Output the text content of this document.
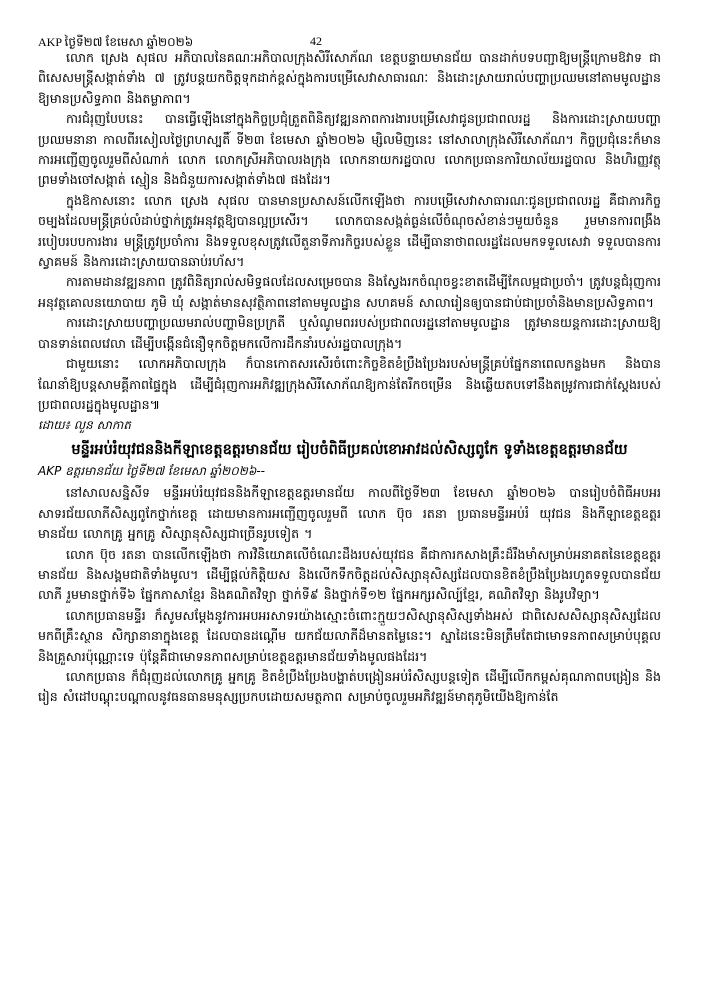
AKP ថ្ងៃទី២៧ ខែមេសា ឆ្នាំ២០២៦	42

លោក ស្រេង សុផល អភិបាលនៃគណៈអភិបាលក្រុងសិរីសោភ័ណ ខេត្តបន្ទាយមានជ័យ បានដាក់បទបញ្ជាឱ្យមន្ត្រីក្រោមឱវាទ ជាពិសេសមន្ត្រីសង្កាត់ទាំង ៧ ត្រូវបន្តយកចិត្តទុកដាក់ខ្ពស់ក្នុងការបម្រើសេវាសាធារណៈ និងដោះស្រាយរាល់បញ្ហាប្រឈមនៅតាមមូលដ្ឋានឱ្យមានប្រសិទ្ធភាព និងតម្លាភាព។

ការជំរុញបែបនេះ បានធ្វើឡើងនៅក្នុងកិច្ចប្រជុំត្រួតពិនិត្យវឌ្ឍនភាពការងារបម្រើសេវាជូនប្រជាពលរដ្ឋ និងការដោះស្រាយបញ្ហាប្រឈមនានា កាលពីរសៀលថ្ងៃព្រហស្បតិ៍ ទី២៣ ខែមេសា ឆ្នាំ២០២៦ ម្សិលមិញនេះ នៅសាលាក្រុងសិរីសោភ័ណ។ កិច្ចប្រជុំនេះក៏មានការអញ្ជើញចូលរួមពីសំណាក់ លោក លោកស្រីអភិបាលរងក្រុង លោកនាយករដ្ឋបាល លោកប្រធានការិយាល័យរដ្ឋបាល និងហិរញ្ញវត្ថុ ព្រមទាំងចៅសង្កាត់ ស្មៀន និងជំនួយការសង្កាត់ទាំង៧ ផងដែរ។

ក្នុងឱកាសនោះ លោក ស្រេង សុផល បានមានប្រសាសន៍លើកឡើងថា ការបម្រើសេវាសាធារណៈជូនប្រជាពលរដ្ឋ គឺជាភារកិច្ចចម្បងដែលមន្ត្រីគ្រប់លំដាប់ថ្នាក់ត្រូវអនុវត្តឱ្យបានល្អប្រសើរ។ លោកបានសង្កត់ធ្ងន់លើចំណុចសំខាន់ៗមួយចំនួន រួមមានការពង្រឹងរបៀបរបបការងារ មន្ត្រីត្រូវប្រចាំការ និងទទួលខុសត្រូវលើតួនាទីភារកិច្ចរបស់ខ្លួន ដើម្បីធានាថាពលរដ្ឋដែលមកទទួលសេវា ទទួលបានការស្វាគមន៍ និងការដោះស្រាយបានឆាប់រហ័ស។

ការតាមដានវឌ្ឍនភាព ត្រូវពិនិត្យរាល់សមិទ្ធផលដែលសម្រេចបាន និងស្វែងរកចំណុចខ្វះខាតដើម្បីកែលម្អជាប្រចាំ។ ត្រូវបន្តជំរុញការអនុវត្តគោលនយោបាយ ភូមិ ឃុំ សង្កាត់មានសុវត្ថិភាពនៅតាមមូលដ្ឋាន សហគមន៍ សាលារៀនឲ្យបានជាប់ជាប្រចាំនិងមានប្រសិទ្ធភាព។

ការដោះស្រាយបញ្ហាប្រឈមរាល់បញ្ហាមិនប្រក្រតី ឬសំណូមពររបស់ប្រជាពលរដ្ឋនៅតាមមូលដ្ឋាន ត្រូវមានយន្តការដោះស្រាយឱ្យបានទាន់ពេលវេលា ដើម្បីបង្កើនជំនឿទុកចិត្តមកលើការដឹកនាំរបស់រដ្ឋបាលក្រុង។

ជាមួយនោះ លោកអភិបាលក្រុង ក៏បានកោតសរសើរចំពោះកិច្ចខិតខំប្រឹងប្រែងរបស់មន្ត្រីគ្រប់ផ្នែកនាពេលកន្លងមក និងបានណែនាំឱ្យបន្តសាមគ្គីភាពផ្ទៃក្នុង ដើម្បីជំរុញការអភិវឌ្ឍក្រុងសិរីសោភ័ណឱ្យកាន់តែរីកចម្រើន និងឆ្លើយតបទៅនឹងតម្រូវការជាក់ស្តែងរបស់ប្រជាពលរដ្ឋក្នុងមូលដ្ឋាន៕

ដោយ៖ លួន សាកាត
មន្ទីរអប់រំយុវជននិងកីឡាខេត្តឧត្តរមានជ័យ រៀបចំពិធីប្រគល់ខោអាវដល់សិស្សពូកែ ទូទាំងខេត្តឧត្តរមានជ័យ
AKP ឧត្តរមានជ័យ ថ្ងៃទី២៧ ខែមេសា ឆ្នាំ២០២៦--

នៅសាលសន្និសីទ មន្ទីរអប់រំយុវជននិងកីឡាខេត្តឧត្តរមានជ័យ កាលពីថ្ងៃទី២៣ ខែមេសា ឆ្នាំ២០២៦ បានរៀបចំពិធីអបអរសាទរជ័យលាភីសិស្សពូកែថ្នាក់ខេត្ត ដោយមានការអញ្ជើញចូលរួមពី លោក ប៊ុច រតនា ប្រធានមន្ទីរអប់រំ យុវជន និងកីឡាខេត្តឧត្តរមានជ័យ លោកគ្រូ អ្នកគ្រូ សិស្សានុសិស្សជាច្រើនរូបទៀត ។

លោក ប៊ុច រតនា បានលើកឡើងថា ការវិនិយោគលើចំណេះដឹងរបស់យុវជន គឺជាការកសាងគ្រឹះដ៏រឹងមាំសម្រាប់អនាគតនៃខេត្តឧត្តរមានជ័យ និងសង្គមជាតិទាំងមូល។ ដើម្បីផ្តល់កិត្តិយស និងលើកទឹកចិត្តដល់សិស្សានុសិស្សដែលបានខិតខំប្រឹងប្រែងរហូតទទួលបានជ័យលាភី រួមមានថ្នាក់ទី៦ ផ្នែកភាសាខ្មែរ និងគណិតវិទ្យា ថ្នាក់ទី៩ និងថ្នាក់ទី១២ ផ្នែកអក្សរសិល្ប៍ខ្មែរ, គណិតវិទ្យា និងរូបវិទ្យា។

លោកប្រធានមន្ទីរ ក៏សូមសម្ដែងនូវការអបអរសាទរយ៉ាងស្មោះចំពោះក្មួយៗសិស្សានុសិស្សទាំងអស់ ជាពិសេសសិស្សានុសិស្សដែលមកពីគ្រឹះស្ថាន សិក្សានានាក្នុងខេត្ត ដែលបានដណ្ដើម យកជ័យលាភីដ៏មានតម្លៃនេះ។ ស្នាដៃនេះមិនត្រឹមតែជាមោទនភាពសម្រាប់បុគ្គល និងគ្រួសារប៉ុណ្ណោះទេ ប៉ុន្តែគឺជាមោទនភាពសម្រាប់ខេត្តឧត្តរមានជ័យទាំងមូលផងដែរ។

លោកប្រធាន ក៏ជំរុញដល់លោកគ្រូ អ្នកគ្រូ ខិតខំប្រឹងប្រែងបង្ហាត់បង្រៀនអប់រំសិស្សបន្តទៀត ដើម្បីលើកកម្ពស់គុណភាពបង្រៀន និងរៀន សំដៅបណ្តុះបណ្តាលនូវធនធានមនុស្សប្រកបដោយសមត្ថភាព សម្រាប់ចូលរួមអភិវឌ្ឍន៍មាតុភូមិយើងឱ្យកាន់តែ
